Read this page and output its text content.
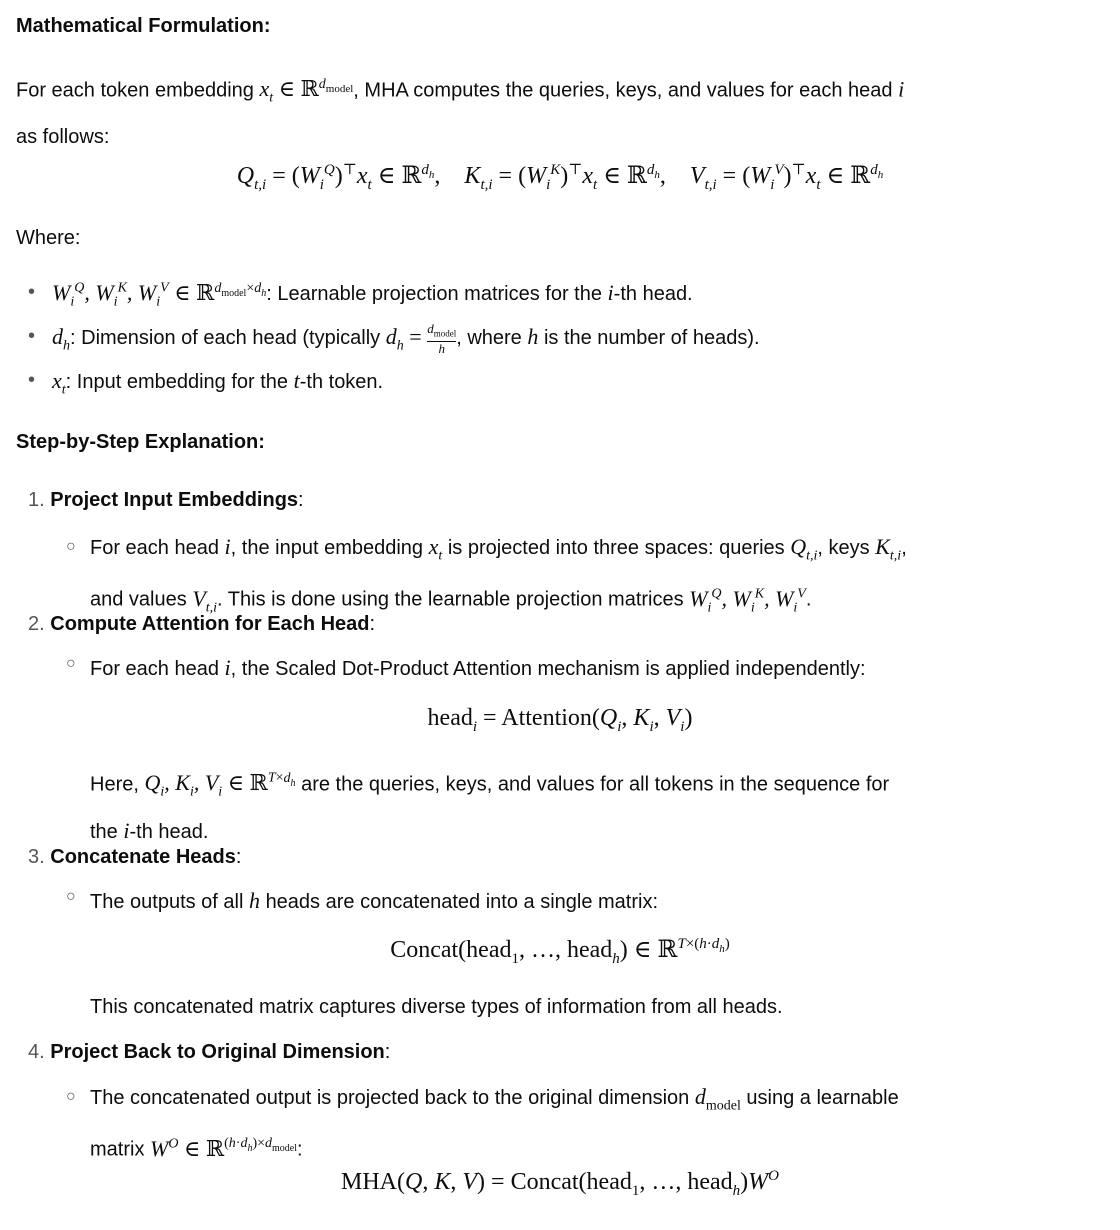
Mathematical Formulation:
For each token embedding $x_t$ ∈ ℝ$^{d_{model}}$, MHA computes the queries, keys, and values for each head i
as follows:
$Q_{t,i} = (W_i^Q)^⊤x_t$ ∈ ℝ$^{d_h}$, $K_{t,i} = (W_i^K)^⊤x_t$ ∈ ℝ$^{d_h}$, $V_{t,i} = (W_i^V)^⊤x_t$ ∈ ℝ$^{d_h}$
Where:
• $W_i^Q$, $W_i^K$, $W_i^V$ ∈ ℝ$^{d_{model}\times d_h}$: Learnable projection matrices for the i-th head.
• $d_h$: Dimension of each head (typically $d_h = d_{model}$
h , where h is the number of heads).
• $x_t$: Input embedding for the t-th token.
Step-by-Step Explanation:
1. Project Input Embeddings:
○ For each head i, the input embedding $x_t$ is projected into three spaces: queries $Q_{t,i}$, keys $K_{t,i}$,
and values $V_{t,i}$. This is done using the learnable projection matrices $W_i^Q$, $W_i^K$, $W_i^V$.
2. Compute Attention for Each Head:
○ For each head i, the Scaled Dot-Product Attention mechanism is applied independently:
head$_i$ = $Attention(Q_i$, $K_i$, $V_i$)
Here, $Q_i$, $K_i$, $V_i$ ∈ ℝ$^{T\times d_h}$ are the queries, keys, and values for all tokens in the sequence for
the i-th head.
3. Concatenate Heads:
○ The outputs of all h heads are concatenated into a single matrix:
Concat(head$_1$, …, head$_h$) ∈ ℝ$^{T\times(h\cdot d_h)}$
This concatenated matrix captures diverse types of information from all heads.
4. Project Back to Original Dimension:
○ The concatenated output is projected back to the original dimension $d_{model}$ using a learnable
matrix $W^O$ ∈ ℝ$^{(h\cdot d_h)\times d_{model}}$:
MHA(Q, K, V) = Concat(head$_1$, …, $head_h)W^O$
